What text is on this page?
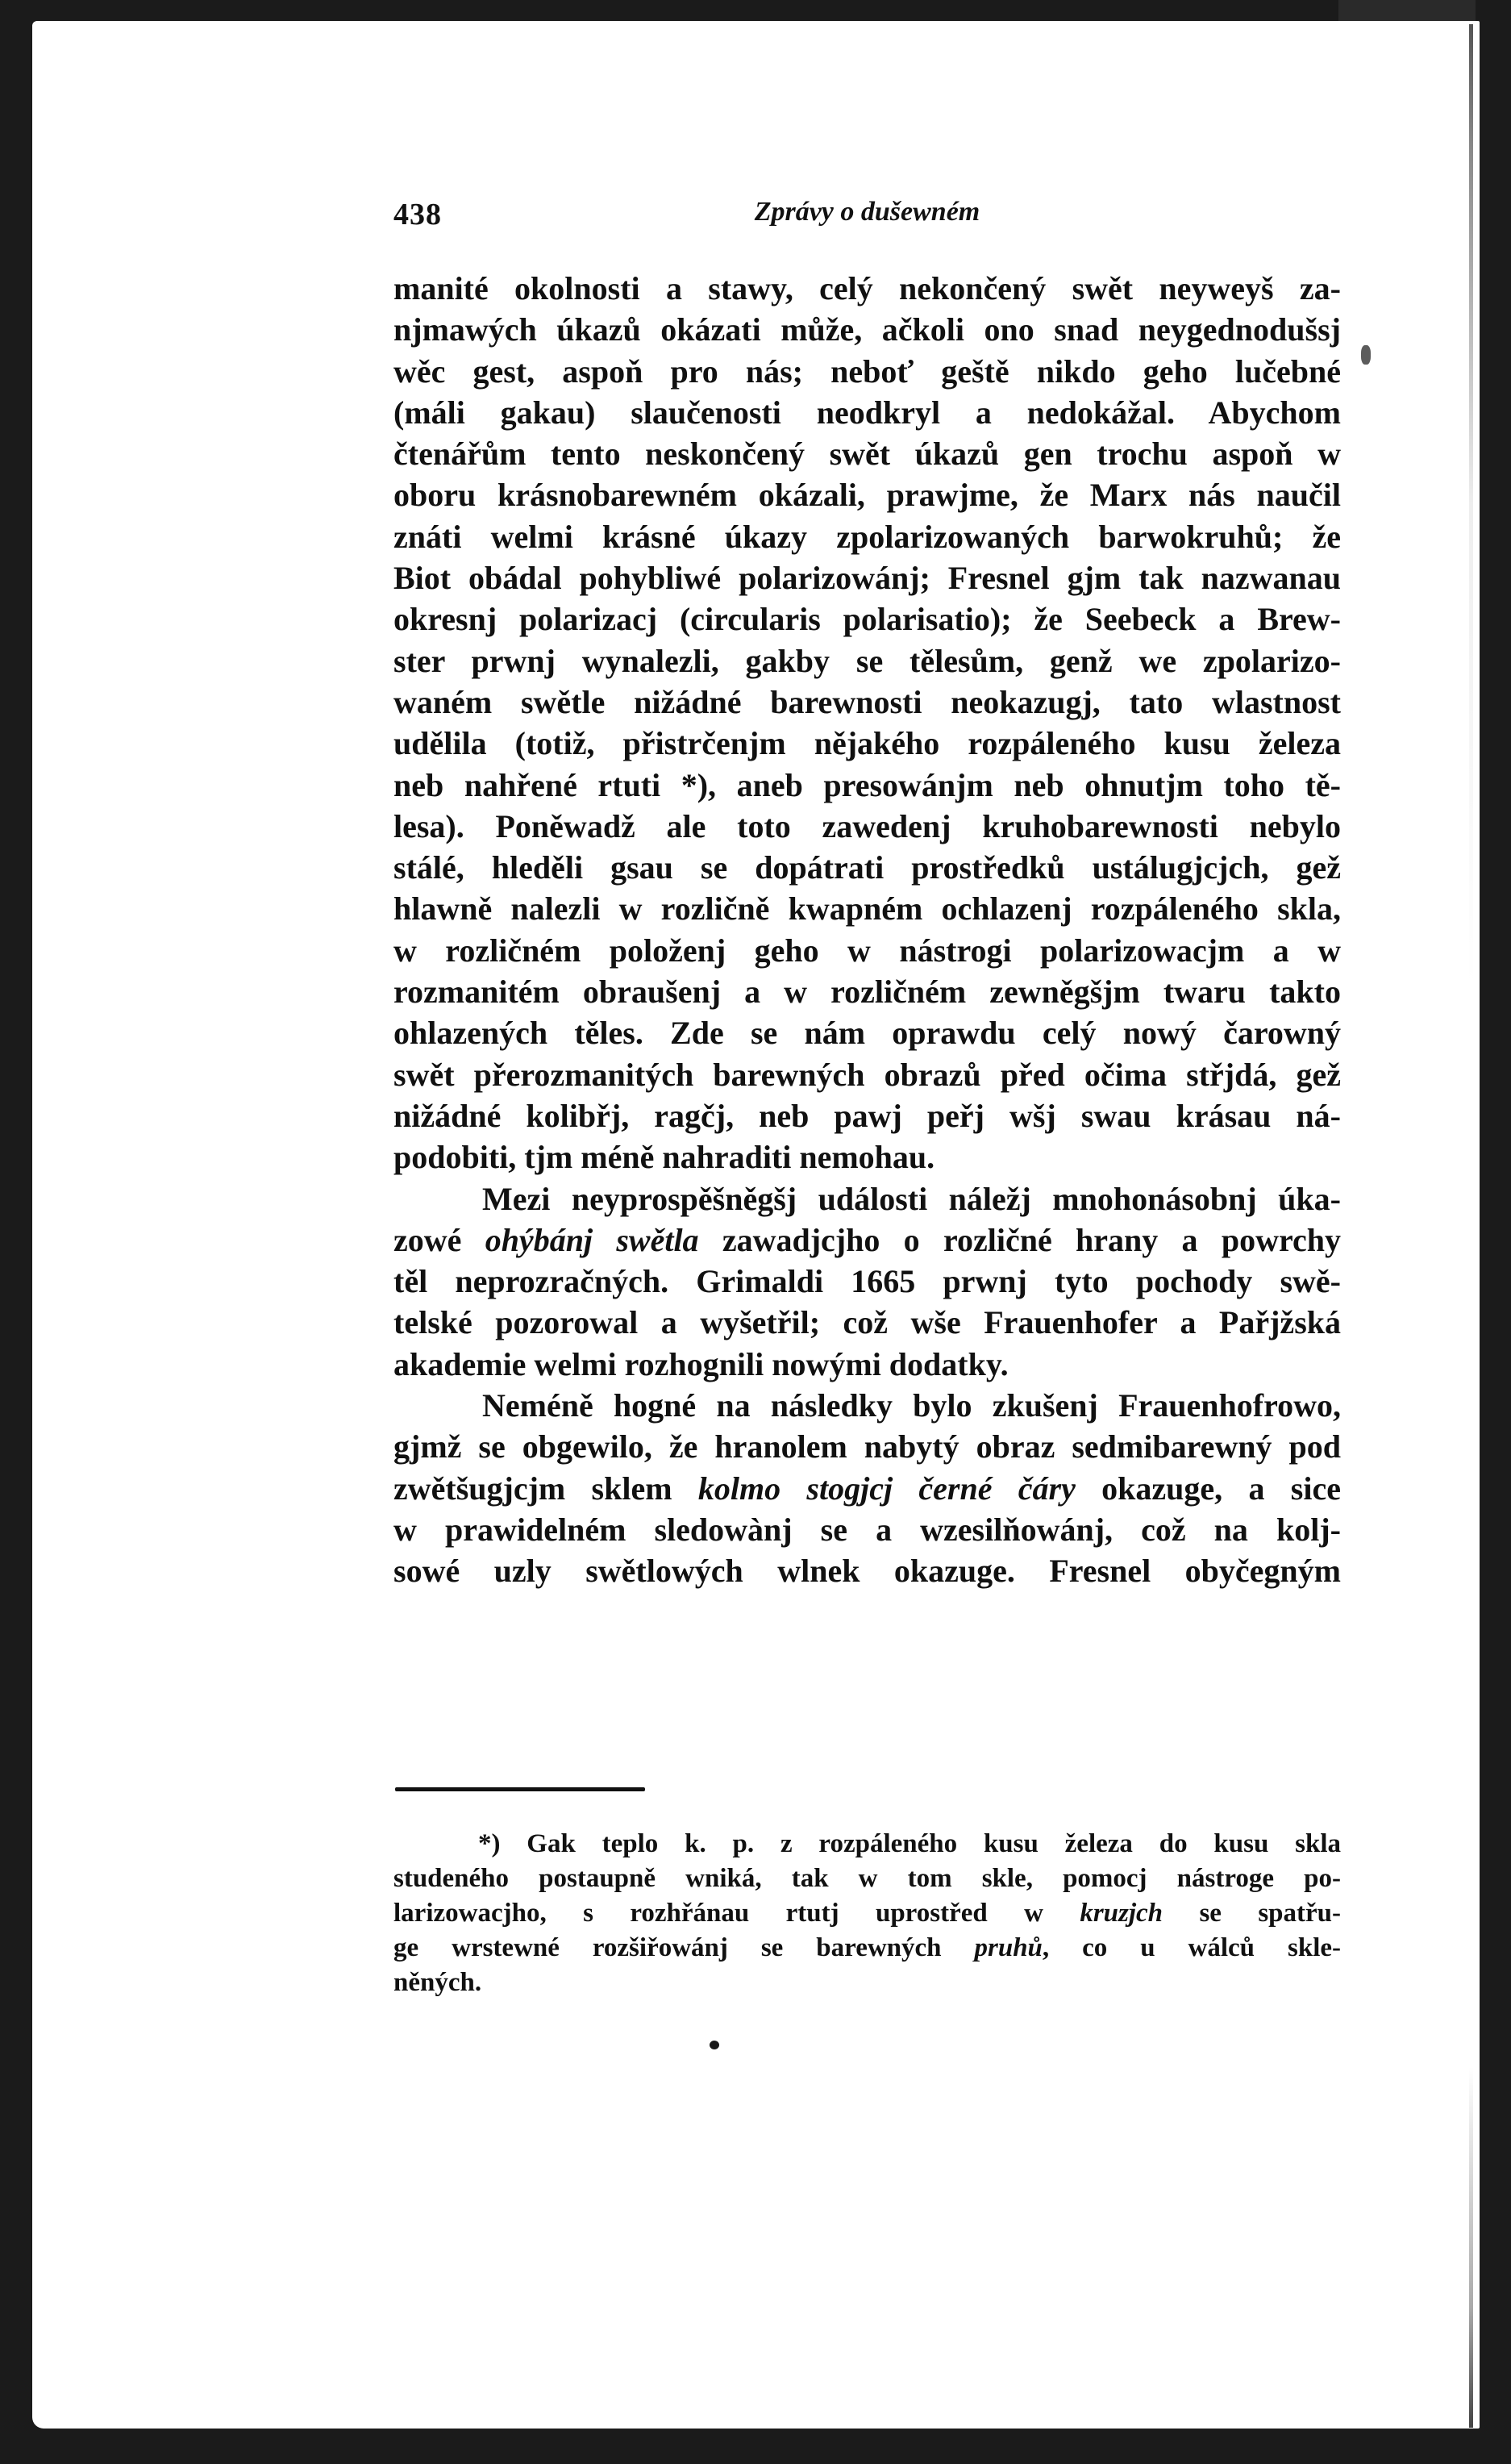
438	Zprávy o dušewném
manité okolnosti a stawy, celý nekončený swět neyweyš za-
njmawých úkazů okázati může, ačkoli ono snad neygednodušsj
wěc gest, aspoň pro nás; neboť geště nikdo geho lučebné
(máli gakau) slaučenosti neodkryl a nedokážal. Abychom
čtenářům tento neskončený swět úkazů gen trochu aspoň w
oboru krásnobarewném okázali, prawjme, že Marx nás naučil
znáti welmi krásné úkazy zpolarizowaných barwokruhů; že
Biot obádal pohybliwé polarizowánj; Fresnel gjm tak nazwanau
okresnj polarizacj (circularis polarisatio); že Seebeck a Brew-
ster prwnj wynalezli, gakby se tělesům, genž we zpolarizo-
waném swětle nižádné barewnosti neokazugj, tato wlastnost
udělila (totiž, přistrčenjm nějakého rozpáleného kusu železa
neb nahřené rtuti *), aneb presowánjm neb ohnutjm toho tě-
lesa). Poněwadž ale toto zawedenj kruhobarewnosti nebylo
stálé, hleděli gsau se dopátrati prostředků ustálugjcjch, gež
hlawně nalezli w rozličně kwapném ochlazenj rozpáleného skla,
w rozličném položenj geho w nástrogi polarizowacjm a w
rozmanitém obraušenj a w rozličném zewněgšjm twaru takto
ohlazených těles. Zde se nám oprawdu celý nowý čarowný
swět přerozmanitých barewných obrazů před očima střjdá, gež
nižádné kolibřj, ragčj, neb pawj peřj wšj swau krásau ná-
podobiti, tjm méně nahraditi nemohau.
Mezi neyprospěšněgšj události náležj mnohonásobnj úka-
zowé ohýbánj swětla zawadjcjho o rozličné hrany a powrchy
těl neprozračných. Grimaldi 1665 prwnj tyto pochody swě-
telské pozorowal a wyšetřil; což wše Frauenhofer a Pařjžská
akademie welmi rozhognili nowými dodatky.
Neméně hogné na následky bylo zkušenj Frauenhofrowo,
gjmž se obgewilo, že hranolem nabytý obraz sedmibarewný pod
zwětšugjcjm sklem kolmo stogjcj černé čáry okazuge, a sice
w prawidelném sledowànj se a wzesilňowánj, což na kolj-
sowé uzly swětlowých wlnek okazuge. Fresnel obyčegným
*) Gak teplo k. p. z rozpáleného kusu železa do kusu skla
studeného postaupně wniká, tak w tom skle, pomocj nástroge po-
larizowacjho, s rozhřánau rtutj uprostřed w kruzjch se spatřu-
ge wrstewné rozšiřowánj se barewných pruhů, co u wálců skle-
něných.
